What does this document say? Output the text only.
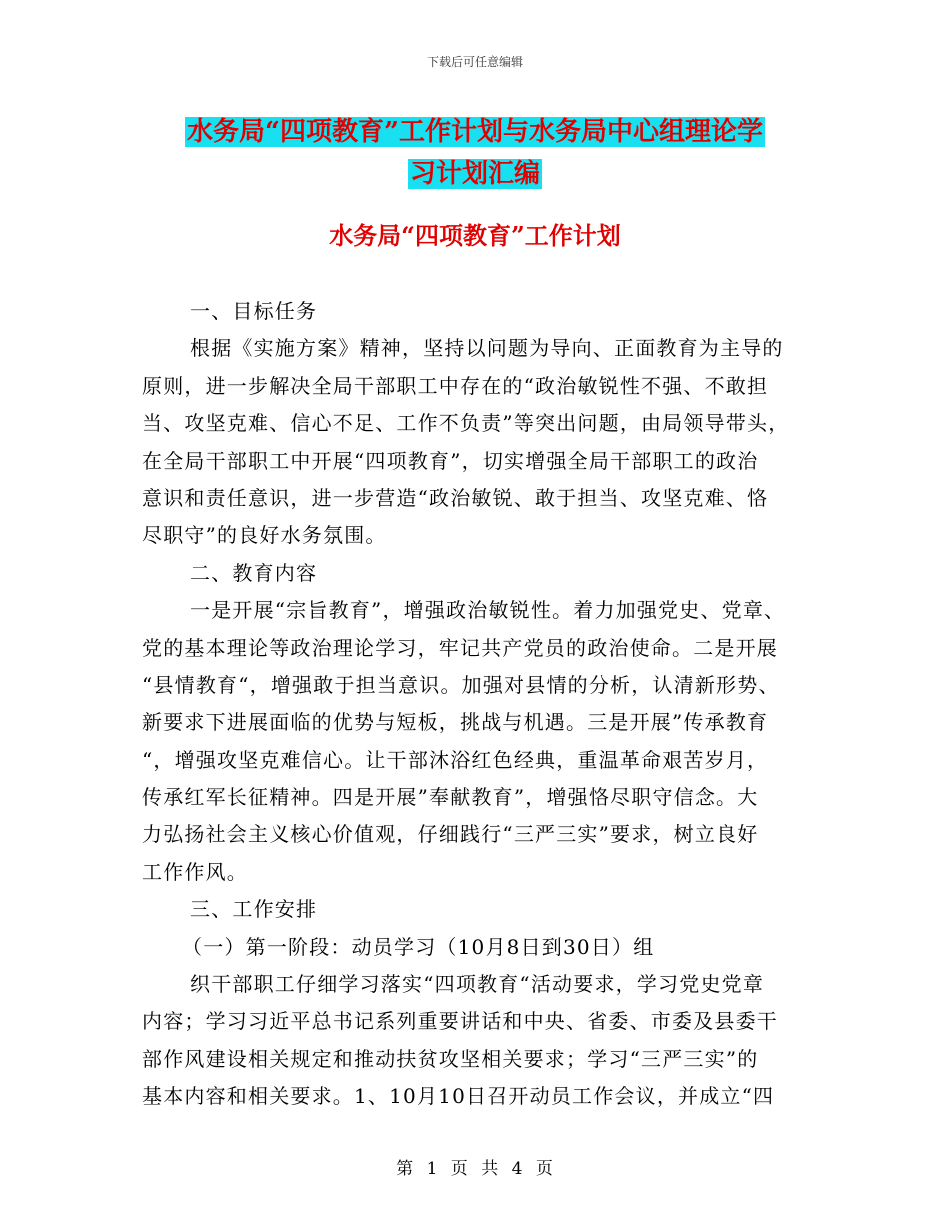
下载后可任意编辑
水务局“四项教育”工作计划与水务局中心组理论学
习计划汇编
水务局“四项教育”工作计划
一、目标任务
根据《实施方案》精神，坚持以问题为导向、正面教育为主导的
原则，进一步解决全局干部职工中存在的“政治敏锐性不强、不敢担
当、攻坚克难、信心不足、工作不负责”等突出问题，由局领导带头，
在全局干部职工中开展“四项教育”，切实增强全局干部职工的政治
意识和责任意识，进一步营造“政治敏锐、敢于担当、攻坚克难、恪
尽职守”的良好水务氛围。
二、教育内容
一是开展“宗旨教育”，增强政治敏锐性。着力加强党史、党章、
党的基本理论等政治理论学习，牢记共产党员的政治使命。二是开展
“县情教育“，增强敢于担当意识。加强对县情的分析，认清新形势、
新要求下进展面临的优势与短板，挑战与机遇。三是开展”传承教育
“，增强攻坚克难信心。让干部沐浴红色经典，重温革命艰苦岁月，
传承红军长征精神。四是开展”奉献教育”，增强恪尽职守信念。大
力弘扬社会主义核心价值观，仔细践行“三严三实”要求，树立良好
工作作风。
三、工作安排
（一）第一阶段：动员学习（10月8日到30日）组
织干部职工仔细学习落实“四项教育“活动要求，学习党史党章
内容；学习习近平总书记系列重要讲话和中央、省委、市委及县委干
部作风建设相关规定和推动扶贫攻坚相关要求；学习“三严三实”的
基本内容和相关要求。1、10月10日召开动员工作会议，并成立“四
第 1 页 共 4 页
